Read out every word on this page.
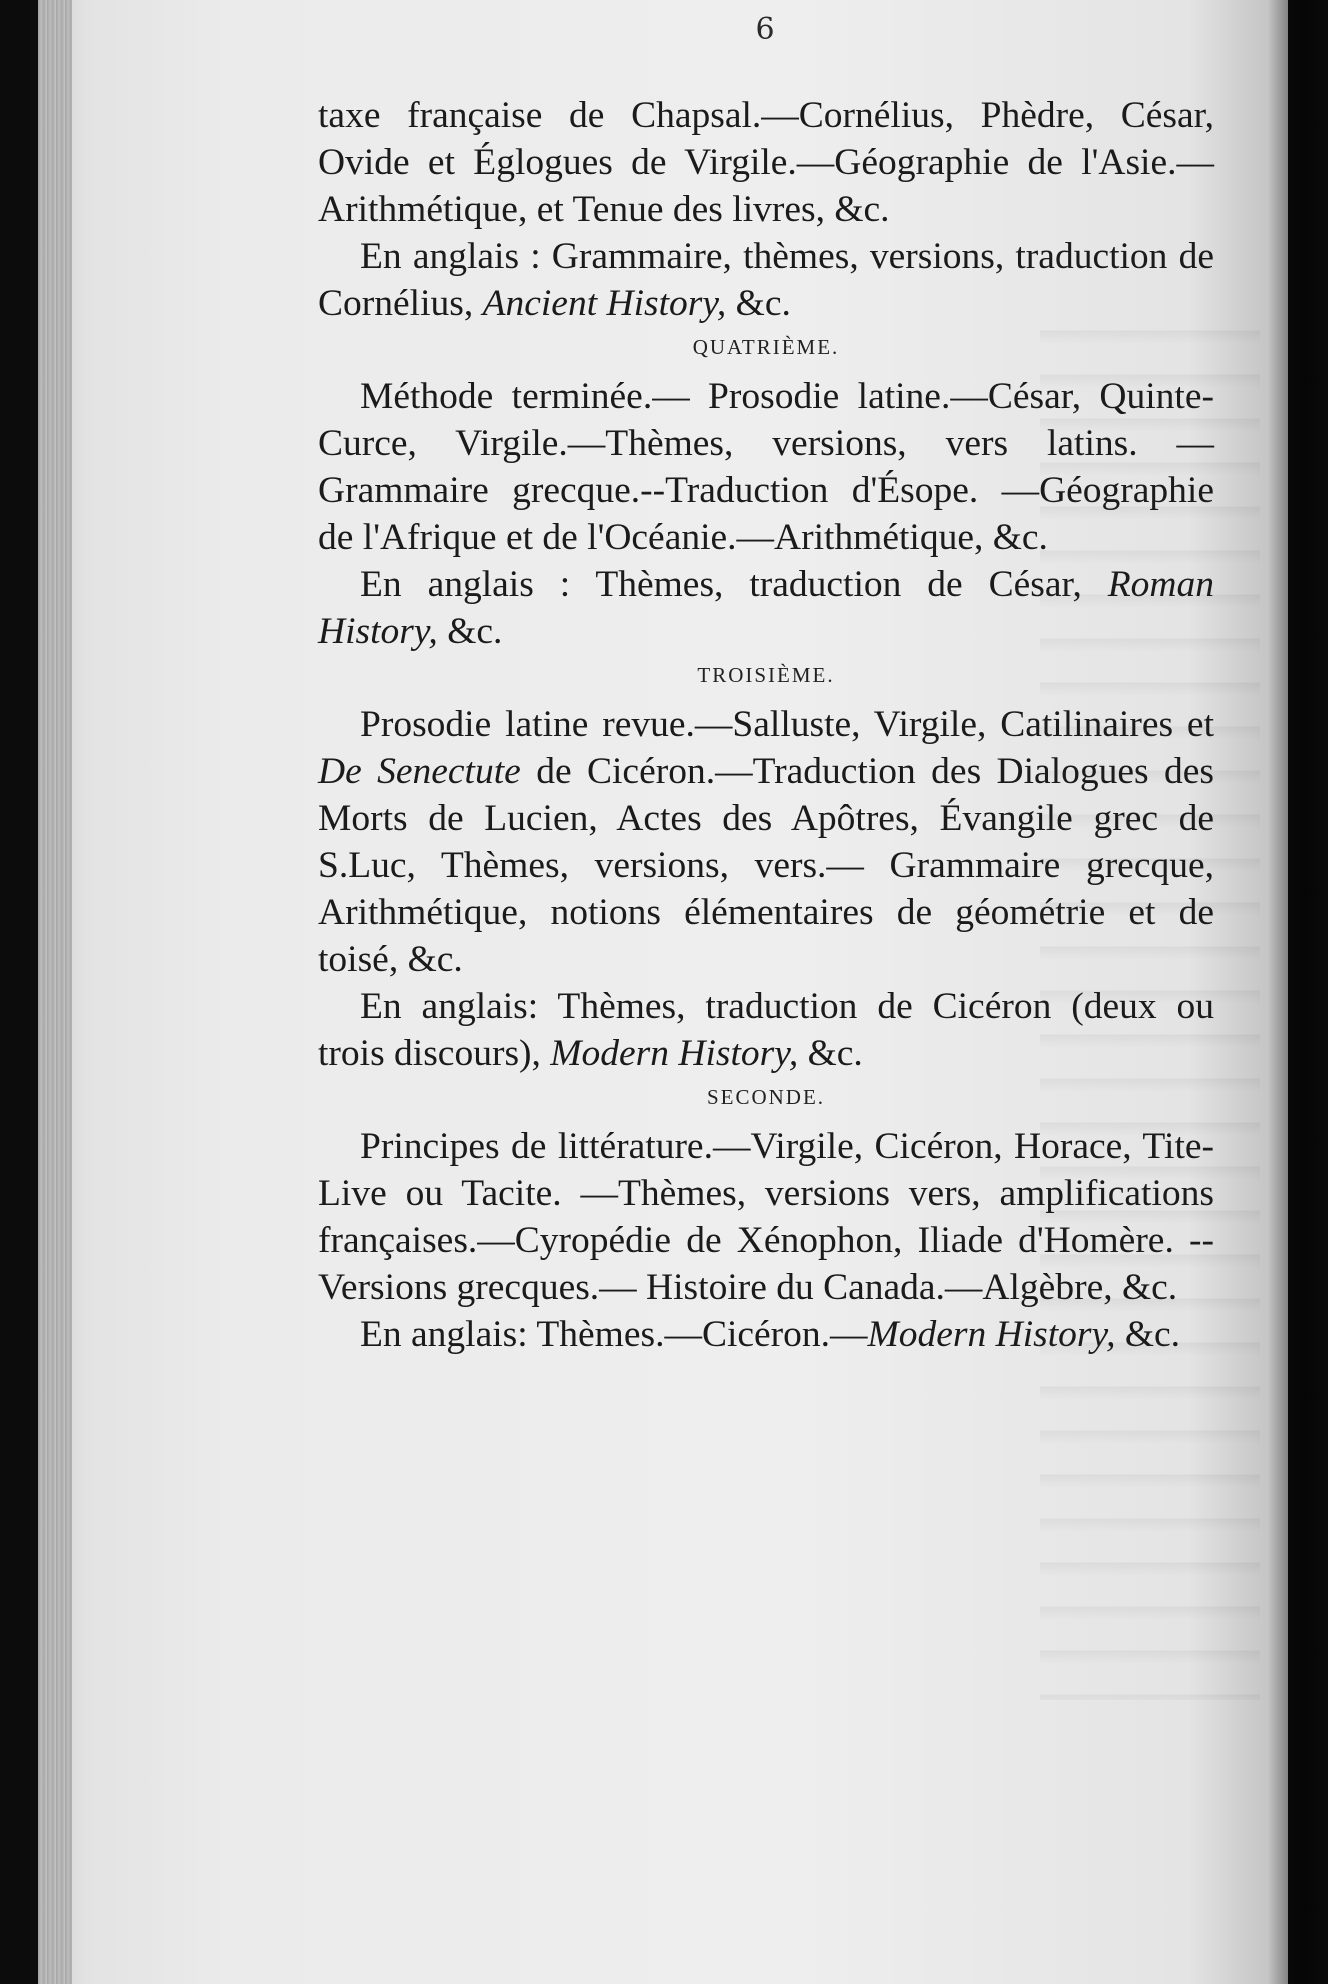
6

taxe française de Chapsal.—Cornélius, Phèdre, César, Ovide et Églogues de Virgile.—Géographie de l'Asie.—Arithmétique, et Tenue des livres, &c.

En anglais : Grammaire, thèmes, versions, traduction de Cornélius, Ancient History, &c.

QUATRIÈME.

Méthode terminée.— Prosodie latine.—César, Quinte-Curce, Virgile.—Thèmes, versions, vers latins. —Grammaire grecque.--Traduction d'Ésope. —Géographie de l'Afrique et de l'Océanie.—Arithmétique, &c.

En anglais : Thèmes, traduction de César, Roman History, &c.

TROISIÈME.

Prosodie latine revue.—Salluste, Virgile, Catilinaires et De Senectute de Cicéron.—Traduction des Dialogues des Morts de Lucien, Actes des Apôtres, Évangile grec de S.Luc, Thèmes, versions, vers.— Grammaire grecque, Arithmétique, notions élémentaires de géométrie et de toisé, &c.

En anglais: Thèmes, traduction de Cicéron (deux ou trois discours), Modern History, &c.

SECONDE.

Principes de littérature.—Virgile, Cicéron, Horace, Tite-Live ou Tacite. —Thèmes, versions vers, amplifications françaises.—Cyropédie de Xénophon, Iliade d'Homère. --Versions grecques.— Histoire du Canada.—Algèbre, &c.

En anglais: Thèmes.—Cicéron.—Modern History, &c.
